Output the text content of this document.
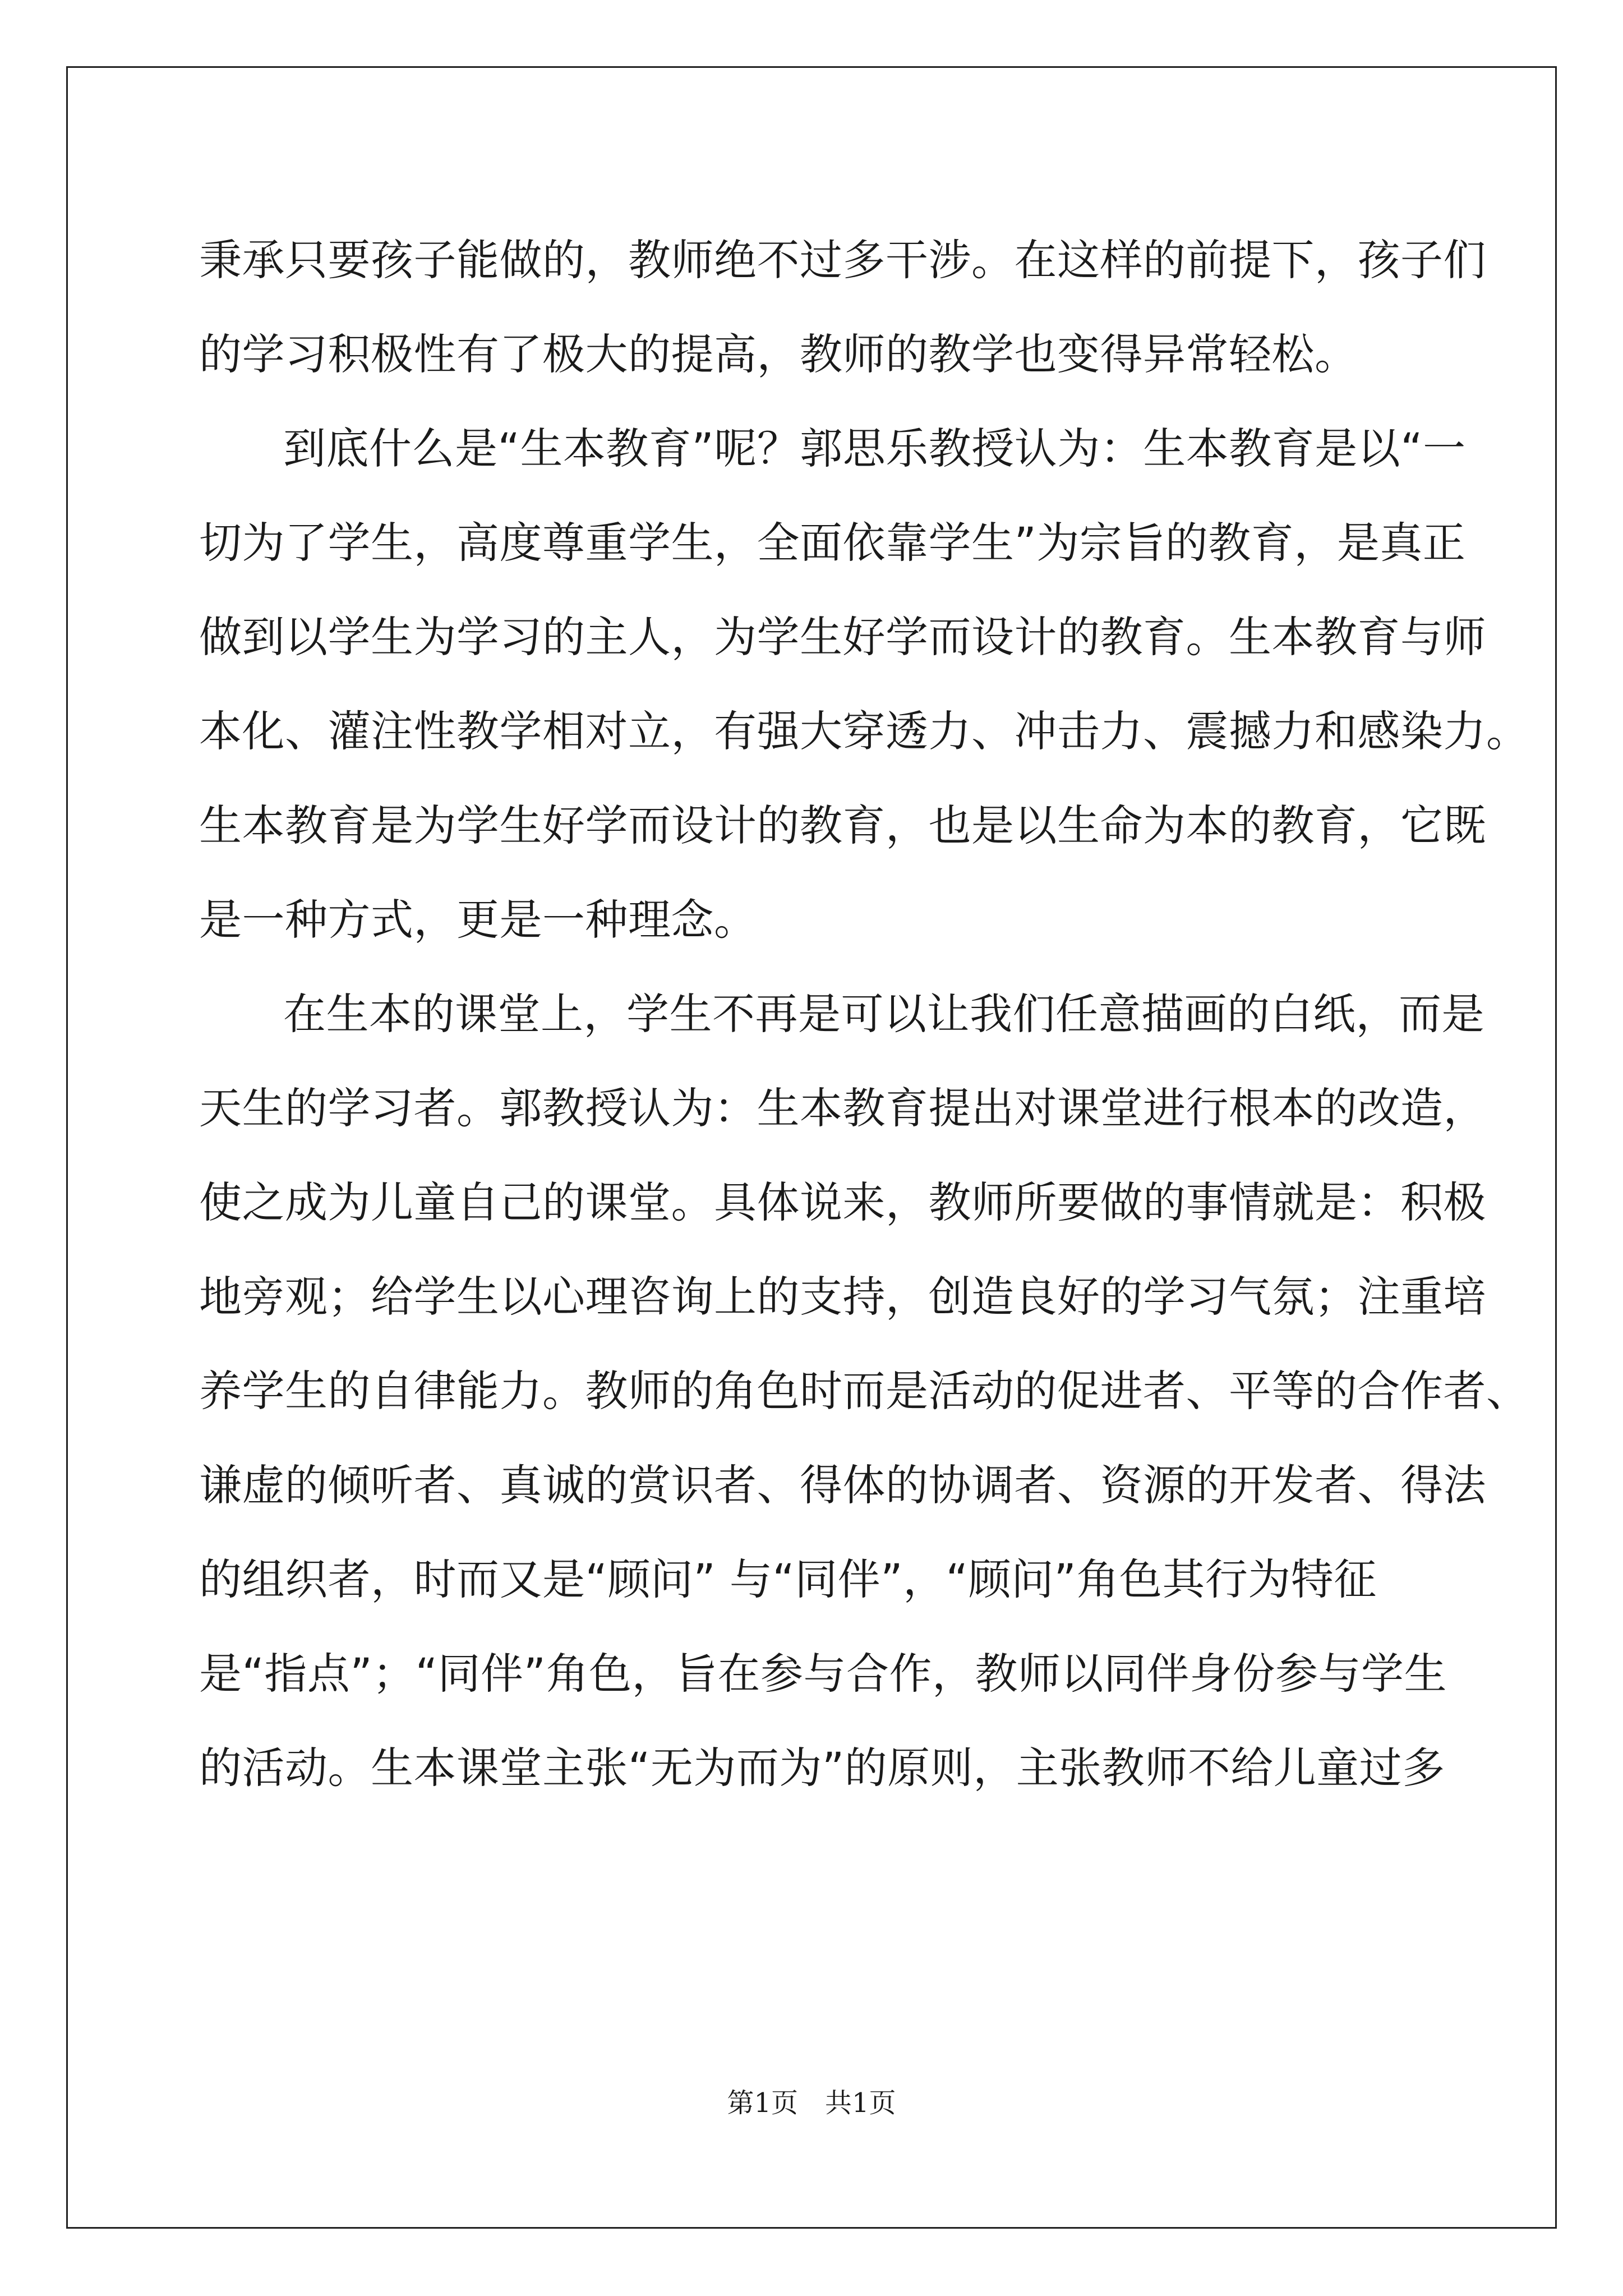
秉承只要孩子能做的，教师绝不过多干涉。在这样的前提下，孩子们
的学习积极性有了极大的提高，教师的教学也变得异常轻松。
到底什么是“生本教育”呢？郭思乐教授认为：生本教育是以“一
切为了学生，高度尊重学生，全面依靠学生”为宗旨的教育，是真正
做到以学生为学习的主人，为学生好学而设计的教育。生本教育与师
本化、灌注性教学相对立，有强大穿透力、冲击力、震撼力和感染力。
生本教育是为学生好学而设计的教育，也是以生命为本的教育，它既
是一种方式，更是一种理念。
在生本的课堂上，学生不再是可以让我们任意描画的白纸，而是
天生的学习者。郭教授认为：生本教育提出对课堂进行根本的改造，
使之成为儿童自己的课堂。具体说来，教师所要做的事情就是：积极
地旁观；给学生以心理咨询上的支持，创造良好的学习气氛；注重培
养学生的自律能力。教师的角色时而是活动的促进者、平等的合作者、
谦虚的倾听者、真诚的赏识者、得体的协调者、资源的开发者、得法
的组织者，时而又是“顾问” 与“同伴”，“顾问”角色其行为特征
是“指点”；“同伴”角色，旨在参与合作，教师以同伴身份参与学生
的活动。生本课堂主张“无为而为”的原则，主张教师不给儿童过多
第1页　共1页
